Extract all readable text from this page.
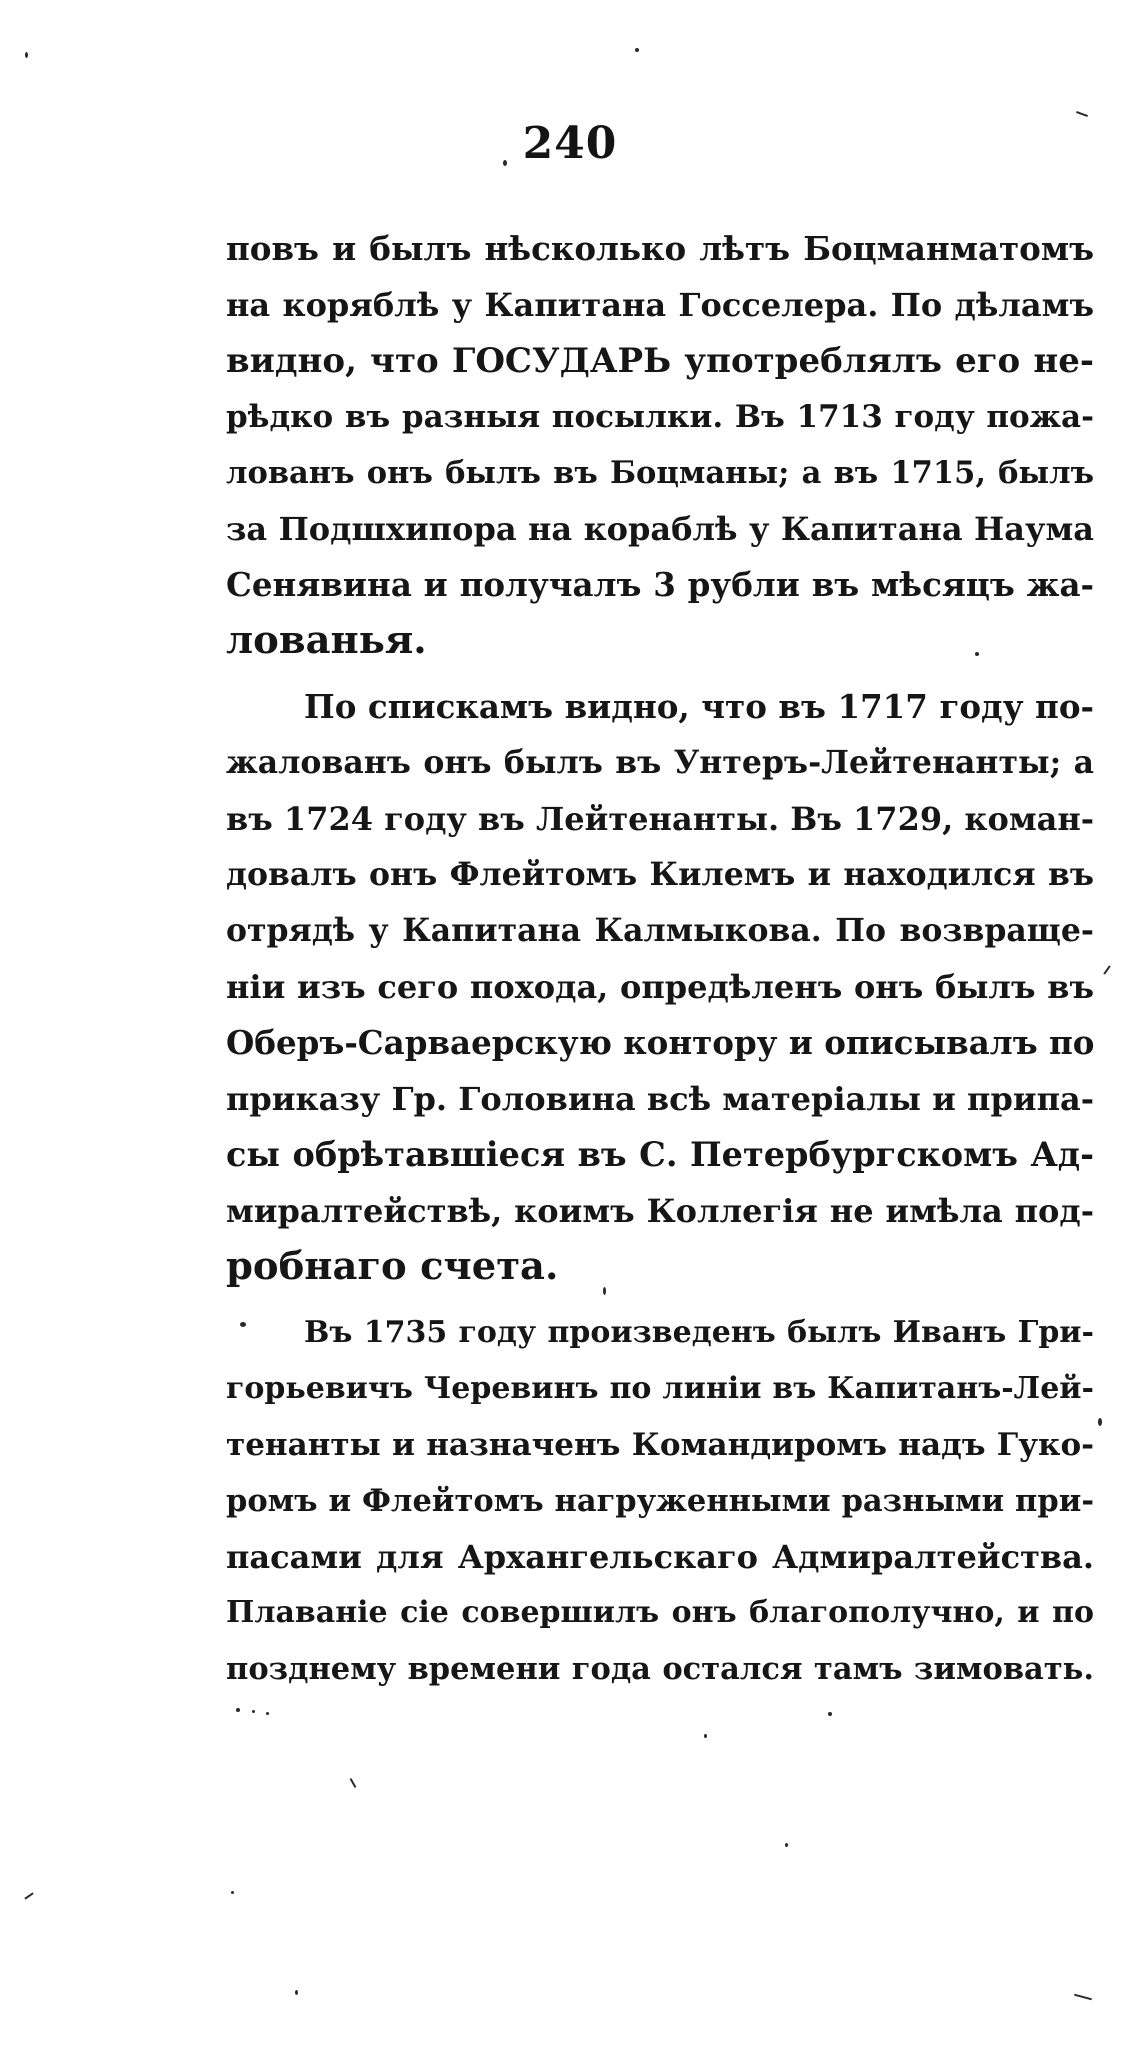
240
повъ и былъ нѣсколько лѣтъ Боцманматомъ
на коряблѣ у Капитана Госселера. По дѣламъ
видно, что ГОСУДАРЬ употреблялъ его не-
рѣдко въ разныя посылки. Въ 1713 году пожа-
лованъ онъ былъ въ Боцманы; а въ 1715, былъ
за Подшхипора на кораблѣ у Капитана Наума
Сенявина и получалъ 3 рубли въ мѣсяцъ жа-
лованья.
По спискамъ видно, что въ 1717 году по-
жалованъ онъ былъ въ Унтеръ-Лейтенанты; а
въ 1724 году въ Лейтенанты. Въ 1729, коман-
довалъ онъ Флейтомъ Килемъ и находился въ
отрядѣ у Капитана Калмыкова. По возвраще-
ніи изъ сего похода, опредѣленъ онъ былъ въ
Оберъ-Сарваерскую контору и описывалъ по
приказу Гр. Головина всѣ матеріалы и припа-
сы обрѣтавшіеся въ С. Петербургскомъ Ад-
миралтействѣ, коимъ Коллегія не имѣла под-
робнаго счета.
Въ 1735 году произведенъ былъ Иванъ Гри-
горьевичъ Черевинъ по линіи въ Капитанъ-Лей-
тенанты и назначенъ Командиромъ надъ Гуко-
ромъ и Флейтомъ нагруженными разными при-
пасами для Архангельскаго Адмиралтейства.
Плаваніе сіе совершилъ онъ благополучно, и по
позднему времени года остался тамъ зимовать.
